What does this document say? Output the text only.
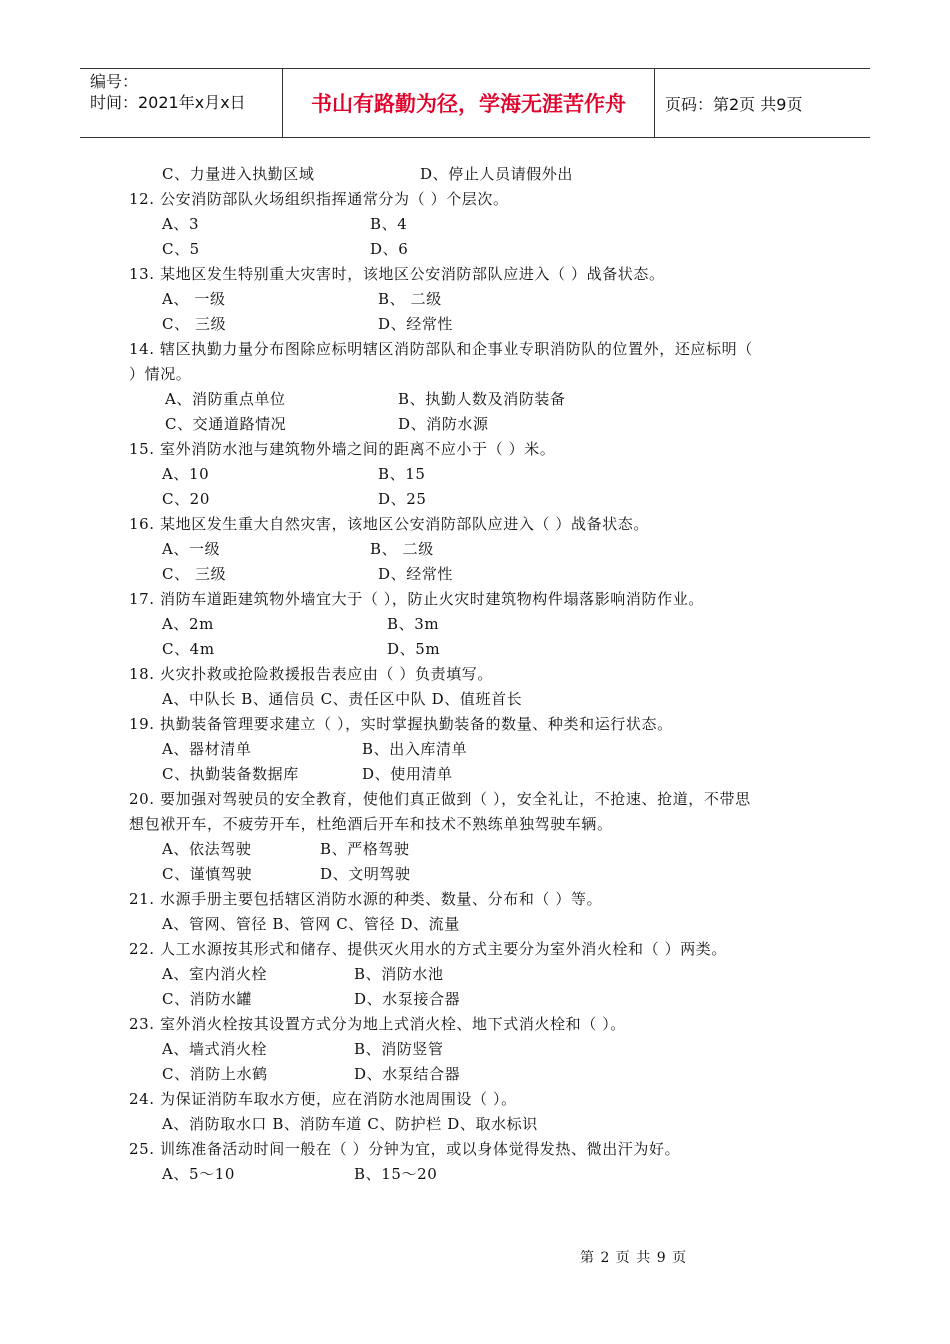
编号：
时间：2021年x月x日	书山有路勤为径，学海无涯苦作舟	页码：第2页 共9页
C、力量进入执勤区域	D、停止人员请假外出
12. 公安消防部队火场组织指挥通常分为（ ）个层次。
A、3	B、4
C、5	D、6
13. 某地区发生特别重大灾害时，该地区公安消防部队应进入（ ）战备状态。
A、 一级	B、 二级
C、 三级	D、经常性
14. 辖区执勤力量分布图除应标明辖区消防部队和企事业专职消防队的位置外，还应标明（
）情况。
A、消防重点单位	B、执勤人数及消防装备
C、交通道路情况	D、消防水源
15. 室外消防水池与建筑物外墙之间的距离不应小于（ ）米。
A、10	B、15
C、20	D、25
16. 某地区发生重大自然灾害，该地区公安消防部队应进入（ ）战备状态。
A、一级	B、 二级
C、 三级	D、经常性
17. 消防车道距建筑物外墙宜大于（ ），防止火灾时建筑物构件塌落影响消防作业。
A、2m	B、3m
C、4m	D、5m
18. 火灾扑救或抢险救援报告表应由（ ）负责填写。
A、中队长 B、通信员 C、责任区中队 D、值班首长
19. 执勤装备管理要求建立（ ），实时掌握执勤装备的数量、种类和运行状态。
A、器材清单	B、出入库清单
C、执勤装备数据库	D、使用清单
20. 要加强对驾驶员的安全教育，使他们真正做到（ ），安全礼让，不抢速、抢道，不带思
想包袱开车，不疲劳开车，杜绝酒后开车和技术不熟练单独驾驶车辆。
A、依法驾驶	B、严格驾驶
C、谨慎驾驶	D、文明驾驶
21. 水源手册主要包括辖区消防水源的种类、数量、分布和（ ）等。
A、管网、管径 B、管网 C、管径 D、流量
22. 人工水源按其形式和储存、提供灭火用水的方式主要分为室外消火栓和（ ）两类。
A、室内消火栓	B、消防水池
C、消防水罐	D、水泵接合器
23. 室外消火栓按其设置方式分为地上式消火栓、地下式消火栓和（ ）。
A、墙式消火栓	B、消防竖管
C、消防上水鹤	D、水泵结合器
24. 为保证消防车取水方便，应在消防水池周围设（ ）。
A、消防取水口 B、消防车道 C、防护栏 D、取水标识
25. 训练准备活动时间一般在（ ）分钟为宜，或以身体觉得发热、微出汗为好。
A、5～10	B、15～20
第 2 页 共 9 页
